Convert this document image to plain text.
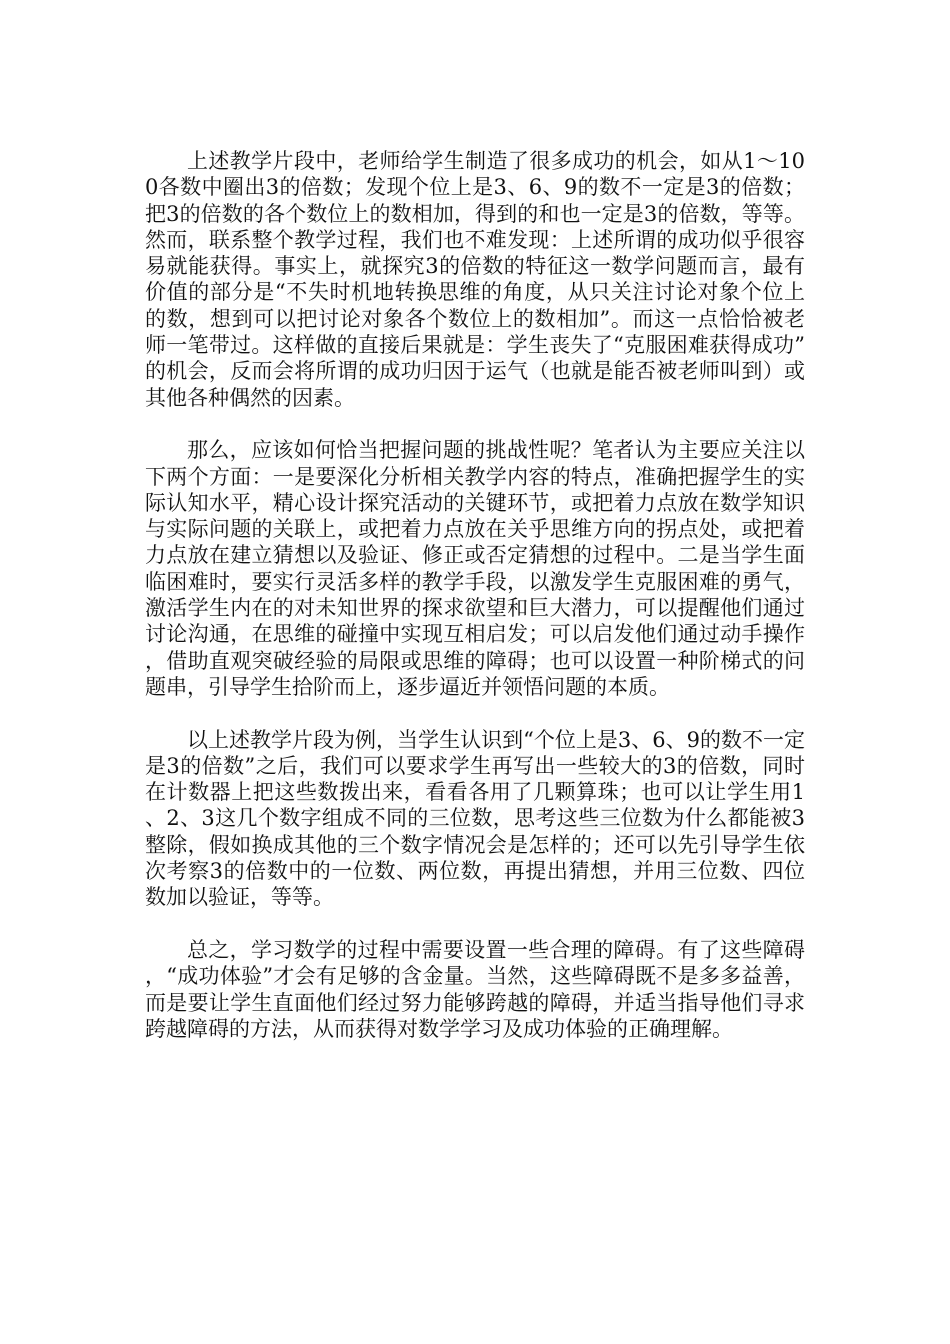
上述教学片段中，老师给学生制造了很多成功的机会，如从1～100各数中圈出3的倍数；发现个位上是3、6、9的数不一定是3的倍数；把3的倍数的各个数位上的数相加，得到的和也一定是3的倍数，等等。然而，联系整个教学过程，我们也不难发现：上述所谓的成功似乎很容易就能获得。事实上，就探究3的倍数的特征这一数学问题而言，最有价值的部分是“不失时机地转换思维的角度，从只关注讨论对象个位上的数，想到可以把讨论对象各个数位上的数相加”。而这一点恰恰被老师一笔带过。这样做的直接后果就是：学生丧失了“克服困难获得成功”的机会，反而会将所谓的成功归因于运气（也就是能否被老师叫到）或其他各种偶然的因素。

那么，应该如何恰当把握问题的挑战性呢？笔者认为主要应关注以下两个方面：一是要深化分析相关教学内容的特点，准确把握学生的实际认知水平，精心设计探究活动的关键环节，或把着力点放在数学知识与实际问题的关联上，或把着力点放在关乎思维方向的拐点处，或把着力点放在建立猜想以及验证、修正或否定猜想的过程中。二是当学生面临困难时，要实行灵活多样的教学手段，以激发学生克服困难的勇气，激活学生内在的对未知世界的探求欲望和巨大潜力，可以提醒他们通过讨论沟通，在思维的碰撞中实现互相启发；可以启发他们通过动手操作，借助直观突破经验的局限或思维的障碍；也可以设置一种阶梯式的问题串，引导学生拾阶而上，逐步逼近并领悟问题的本质。

以上述教学片段为例，当学生认识到“个位上是3、6、9的数不一定是3的倍数”之后，我们可以要求学生再写出一些较大的3的倍数，同时在计数器上把这些数拨出来，看看各用了几颗算珠；也可以让学生用1、2、3这几个数字组成不同的三位数，思考这些三位数为什么都能被3整除，假如换成其他的三个数字情况会是怎样的；还可以先引导学生依次考察3的倍数中的一位数、两位数，再提出猜想，并用三位数、四位数加以验证，等等。

总之，学习数学的过程中需要设置一些合理的障碍。有了这些障碍，“成功体验”才会有足够的含金量。当然，这些障碍既不是多多益善，而是要让学生直面他们经过努力能够跨越的障碍，并适当指导他们寻求跨越障碍的方法，从而获得对数学学习及成功体验的正确理解。
